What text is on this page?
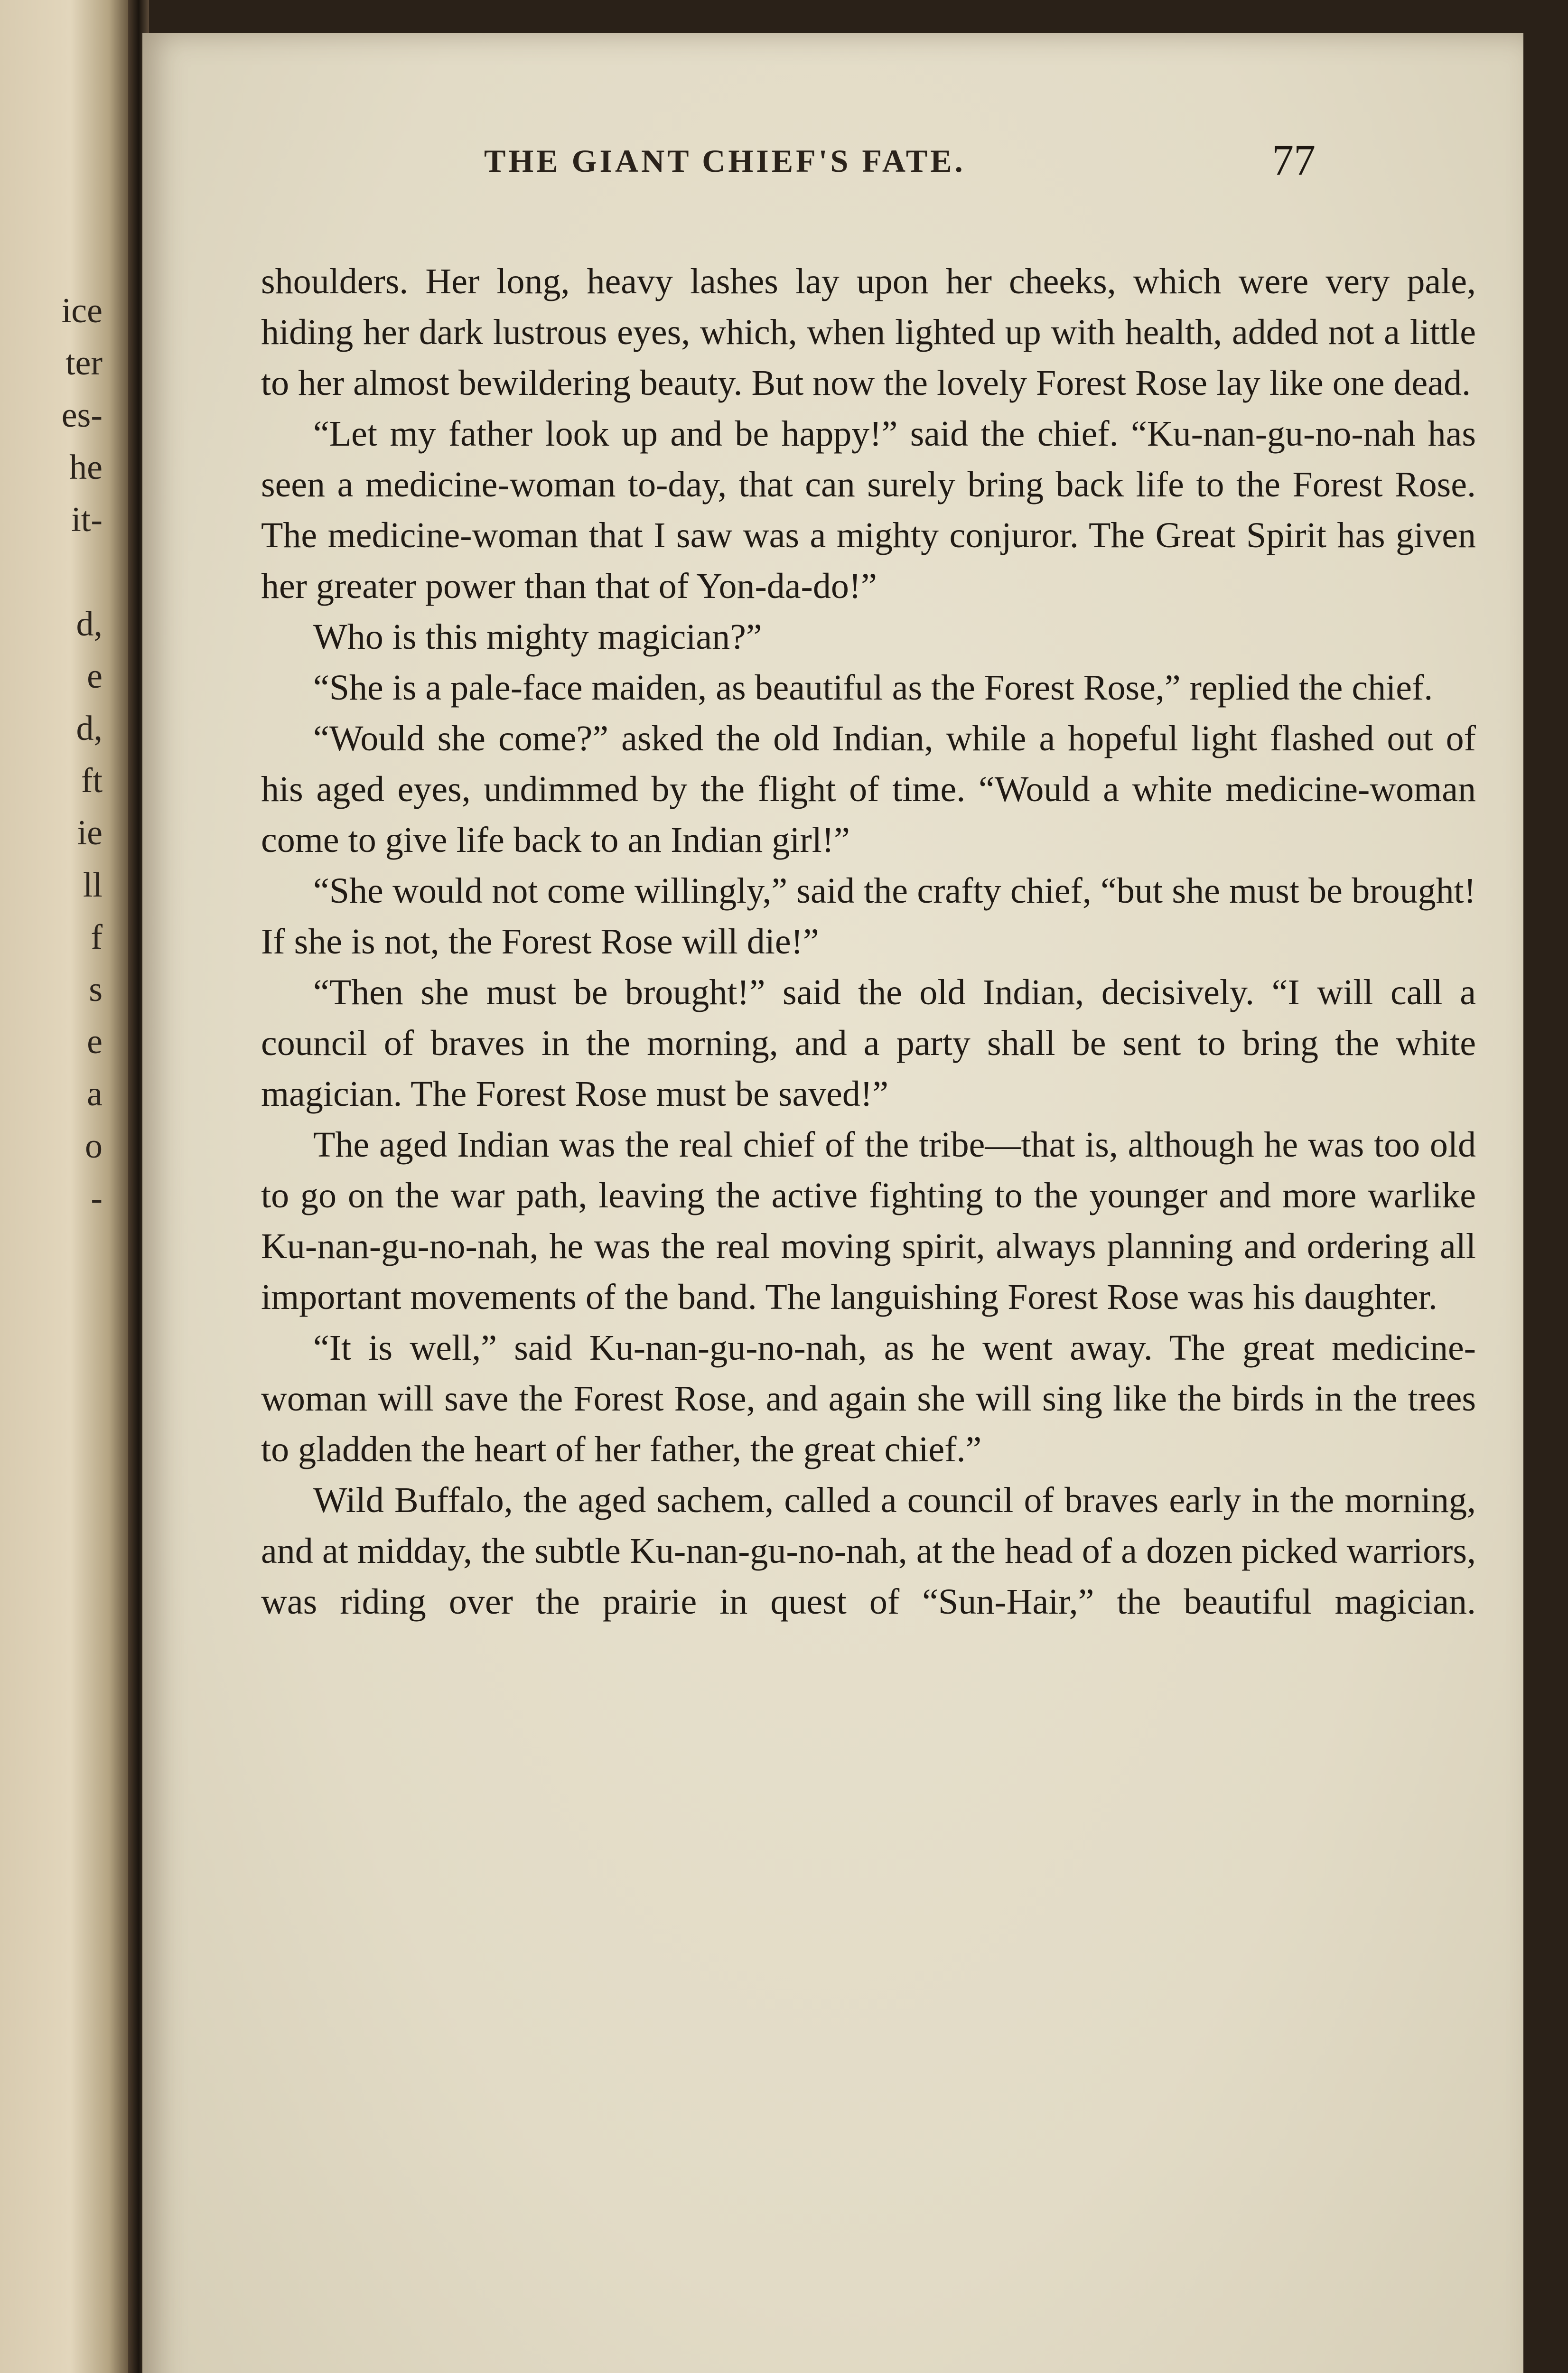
ice
ter
es-
he
it-
d,
e
d,
ft
ie
ll
f
s
e
a
o
-
THE GIANT CHIEF'S FATE.	77

shoulders. Her long, heavy lashes lay upon her cheeks, which were very pale, hiding her dark lustrous eyes, which, when lighted up with health, added not a little to her almost bewildering beauty. But now the lovely Forest Rose lay like one dead.

“Let my father look up and be happy!” said the chief. “Ku-nan-gu-no-nah has seen a medicine-woman to-day, that can surely bring back life to the Forest Rose. The medicine-woman that I saw was a mighty conjuror. The Great Spirit has given her greater power than that of Yon-da-do!”

Who is this mighty magician?”

“She is a pale-face maiden, as beautiful as the Forest Rose,” replied the chief.

“Would she come?” asked the old Indian, while a hopeful light flashed out of his aged eyes, undimmed by the flight of time. “Would a white medicine-woman come to give life back to an Indian girl!”

“She would not come willingly,” said the crafty chief, “but she must be brought! If she is not, the Forest Rose will die!”

“Then she must be brought!” said the old Indian, decisively. “I will call a council of braves in the morning, and a party shall be sent to bring the white magician. The Forest Rose must be saved!”

The aged Indian was the real chief of the tribe—that is, although he was too old to go on the war path, leaving the active fighting to the younger and more warlike Ku-nan-gu-no-nah, he was the real moving spirit, always planning and ordering all important movements of the band. The languishing Forest Rose was his daughter.

“It is well,” said Ku-nan-gu-no-nah, as he went away. The great medicine-woman will save the Forest Rose, and again she will sing like the birds in the trees to gladden the heart of her father, the great chief.”

Wild Buffalo, the aged sachem, called a council of braves early in the morning, and at midday, the subtle Ku-nan-gu-no-nah, at the head of a dozen picked warriors, was riding over the prairie in quest of “Sun-Hair,” the beautiful magician.
